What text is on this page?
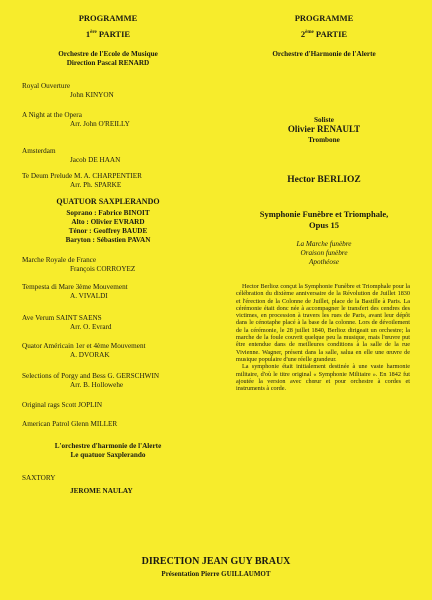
PROGRAMME
1ère PARTIE
Orchestre de l'Ecole de Musique
Direction Pascal RENARD
Royal Ouverture
John KINYON
A Night at the Opera
Arr. John O'REILLY
Amsterdam
Jacob DE HAAN
Te Deum Prelude M. A. CHARPENTIER
Arr. Ph. SPARKE
QUATUOR SAXPLERANDO
Soprano : Fabrice BINOIT
Alto : Olivier EVRARD
Ténor : Geoffrey BAUDE
Baryton : Sébastien PAVAN
Marche Royale de France
François CORROYEZ
Tempesta di Mare 3ème Mouvement
A. VIVALDI
Ave Verum SAINT SAENS
Arr. O. Evrard
Quator Américain 1er et 4ème Mouvement
A. DVORAK
Selections of Porgy and Bess G. GERSCHWIN
Arr. B. Hollowehe
Original rags Scott JOPLIN
American Patrol Glenn MILLER
L'orchestre d'harmonie de l'Alerte
Le quatuor Saxplerando
SAXTORY
JEROME NAULAY
PROGRAMME
2ème PARTIE
Orchestre d'Harmonie de l'Alerte
Soliste
Olivier RENAULT
Trombone
Hector BERLIOZ
Symphonie Funèbre et Triomphale,
Opus 15
La Marche funèbre
Oraison funèbre
Apothéose

Hector Berlioz conçut la Symphonie Funèbre et Triomphale pour la célébration du dixième anniversaire de la Révolution de Juillet 1830 et l'érection de la Colonne de Juillet, place de la Bastille à Paris. La cérémonie était donc née à accompagner le transfert des cendres des victimes, en procession à travers les rues de Paris, avant leur dépôt dans le cénotaphe placé à la base de la colonne. Lors de dévoilement de la cérémonie, le 28 juillet 1840, Berlioz dirigeait un orchestre; la marche de la foule couvrit quelque peu la musique, mais l'œuvre put être entendue dans de meilleures conditions à la salle de la rue Vivienne. Wagner, présent dans la salle, salua en elle une œuvre de musique populaire d'une réelle grandeur.

La symphonie était initialement destinée à une vaste harmonie militaire, d'où le titre original « Symphonie Militaire ». En 1842 fut ajoutée la version avec chœur et pour orchestre à cordes et instruments à corde.

DIRECTION JEAN GUY BRAUX
Présentation Pierre GUILLAUMOT
